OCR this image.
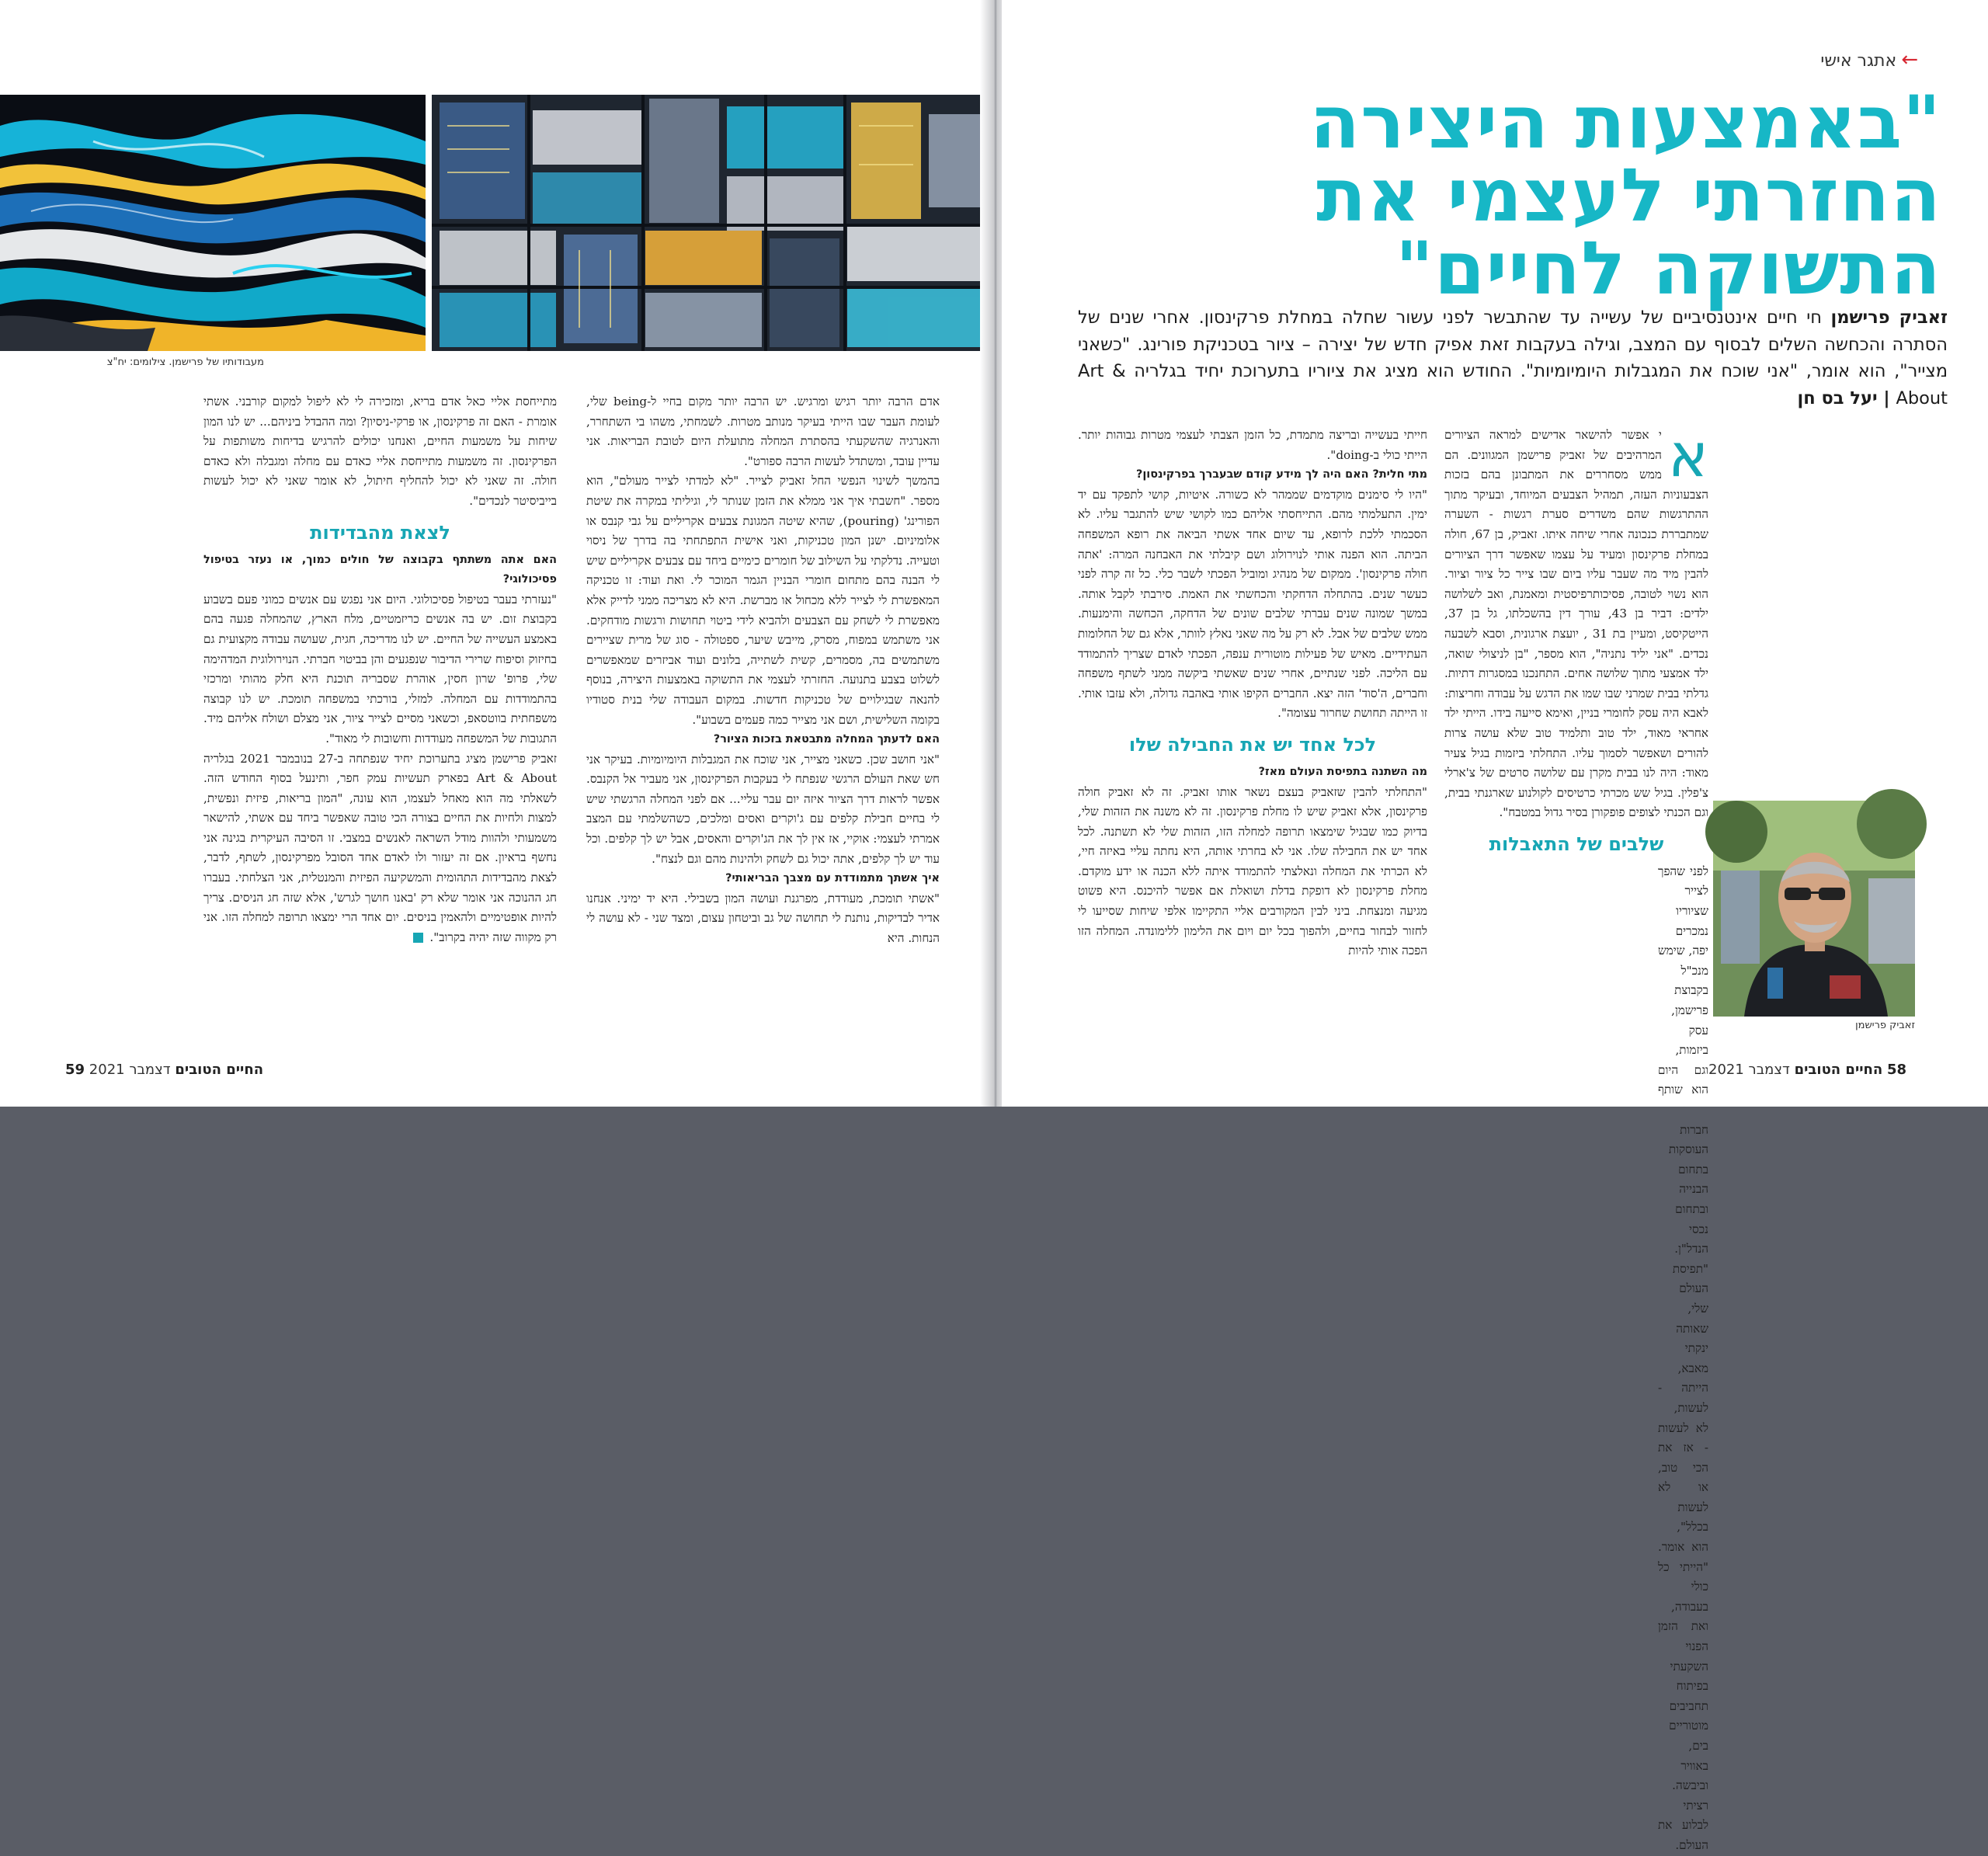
מעבודותיו של פרישמן. צילומים: יח"צ

אדם הרבה יותר רגיש ומרגיש. יש הרבה יותר מקום בחיי ל-being שלי, לעומת העבר שבו הייתי בעיקר מנותב מטרות. לשמחתי, משהו בי השתחרר, והאנרגיה שהשקעתי בהסתרת המחלה מתועלת היום לטובת הבריאות. אני עדיין עובד, ומשתדל לעשות הרבה ספורט".

בהמשך לשינוי הנפשי החל זאביק לצייר. "לא למדתי לצייר מעולם", הוא מספר. "חשבתי איך אני ממלא את הזמן שנותר לי, וגיליתי במקרה את שיטת הפורינג' (pouring), שהיא שיטה המגונת צבעים אקריליים על גבי קנבס או אלומיניום. ישנן המון טכניקות, ואני אישית התפתחתי בה בדרך של ניסוי וטעייה. נדלקתי על השילוב של חומרים כימיים ביחד עם צבעים אקריליים שיש לי הבנה בהם מתחום חומרי הבניין הגמר המוכר לי. ואת ועוד: זו טכניקה המאפשרת לי לצייר ללא מכחול או מברשת. היא לא מצריכה ממני לדייק אלא מאפשרת לי לשחק עם הצבעים ולהביא לידי ביטוי תחושות ורגשות מודחקים. אני משתמש במפוח, מסרק, מייבש שיער, ספטולה - סוג של מרית שציירים משתמשים בה, מסמרים, קשית לשתייה, בלונים ועוד אביזרים שמאפשרים לשלוט בצבע בתנועה. החזרתי לעצמי את התשוקה באמצעות היצירה, בנוסף להנאה שבגילויים של טכניקות חדשות. במקום העבודה שלי בנית סטודיו בקומה השלישית, ושם אני מצייר כמה פעמים בשבוע".

האם לדעתך המחלה מתבטאת בזכות הציור?

"אני חושב שכן. כשאני מצייר, אני שוכח את המגבלות היומיומיות. בעיקר אני חש שאת העולם הרגשי שנפתח לי בעקבות הפרקינסון, אני מעביר אל הקנבס. אפשר לראות דרך הציור איזה יום עבר עליי... אם לפני המחלה הרגשתי שיש לי בחיים חבילת קלפים עם ג'וקרים ואסים ומלכים, כשהשלמתי עם המצב אמרתי לעצמי: אוקיי, אז אין לך את הג'וקרים והאסים, אבל יש לך קלפים. וכל עוד יש לך קלפים, אתה יכול גם לשחק ולהינות מהם וגם לנצח".

איך אשתך מתמודדת עם מצבך הבריאותי?

"אשתי תומכת, מעודדת, מפרגנת ועושה המון בשבילי. היא יד ימיני. אנחנו אדיר לבדיקות, נותנת לי תחושה של גב וביטחון עצום, ומצד שני - לא עושה לי הנחות. היא

מתייחסת אליי כאל אדם בריא, ומזכירה לי לא ליפול למקום קורבני. אשתי אומרת - האם זה פרקינסון, או פרקי-ניסיון? ומה ההבדל ביניהם... יש לנו המון שיחות על משמעות החיים, ואנחנו יכולים להרגיש בדיחות משותפות על הפרקינסון. זה משמעות מתייחסת אליי כאדם עם מחלה ומגבלה ולא כאדם חולה. זה שאני לא יכול להחליף חיתול, לא אומר שאני לא יכול לעשות בייביסיטר לנכדים".

לצאת מהבדידות

האם אתה משתתף בקבוצה של חולים כמוך, או נעזר בטיפול פסיכולוגי?

"נעזרתי בעבר בטיפול פסיכולוגי. היום אני נפגש עם אנשים כמוני פעם בשבוע בקבוצת זום. יש בה אנשים כריזמטיים, מלח הארץ, שהמחלה פגעה בהם באמצע העשייה של החיים. יש לנו מדריכה, חגית, שעושה עבודה מקצועית גם בחיזוק וסיפוח שרירי הדיבור שנפגעים והן בביטוי חברתי. הנוירולוגית המדהימה שלי, פרופ' שרון חסין, אוהרת שסבריה תוכנת היא חלק מהותי ומרכזי בהתמודדות עם המחלה. למזלי, בורכתי במשפחה תומכת. יש לנו קבוצה משפחתית בווטסאפ, וכשאני מסיים לצייר ציור, אני מצלם ושולח אליהם מיד. התגובות של המשפחה מעודדות וחשובות לי מאוד".

זאביק פרישמן מציג בתערוכת יחיד שנפתחה ב-27 בנובמבר 2021 בגלריה Art & About בפארק תעשיות עמק חפר, ותינעל בסוף החודש הזה. לשאלתי מה הוא מאחל לעצמו, הוא עונה, "המון בריאות, פיזית ונפשית, למצות ולחיות את החיים בצורה הכי טובה שאפשר ביחד עם אשתי, להישאר משמעותי ולהוות מודל השראה לאנשים במצבי. זו הסיבה העיקרית בגינה אני נחשף בראיון. אם זה יעזור ולו לאדם אחד הסובל מפרקינסון, לשתף, לדבר, לצאת מהבדידות התהומית והמשקיעה הפיזית והמנטלית, אני הצלחתי. בעברו חג ההנוכה אני אומר שלא רק 'באנו חושך לגרש', אלא שזה חג הניסים. צריך להיות אופטימיים ולהאמין בניסים. יום אחד הרי ימצאו תרופה למחלה הזו. אני רק מקווה שזה יהיה בקרוב".

החיים הטובים דצמבר 2021 59
←אתגר אישי
"באמצעות היצירה
החזרתי לעצמי את
התשוקה לחיים"
זאביק פרישמן חי חיים אינטנסיביים של עשייה עד שהתבשר לפני עשור שחלה במחלת פרקינסון. אחרי שנים של הסתרה והכחשה השלים לבסוף עם המצב, וגילה בעקבות זאת אפיק חדש של יצירה – ציור בטכניקת פורינג. "כשאני מצייר", הוא אומר, "אני שוכח את המגבלות היומיומיות". החודש הוא מציג את ציוריו בתערוכת יחיד בגלריה Art & About | יעל בס חן

א
י אפשר להישאר אדישים למראה הציורים המרהיבים של זאביק פרישמן המגוונים. הם ממש מסחררים את המתבונן בהם בזכות הצבעוניות העזה, תמהיל הצבעים המיוחד, ובעיקר מתוך ההתרגשות שהם משדרים סערת רגשות - השערה שמתבררת כנכונה אחרי שיחה איתו. זאביק, בן 67, חולה במחלת פרקינסון ומעיד על עצמו שאפשר דרך הציורים להבין מיד מה שעבר עליו ביום שבו צייר כל ציור וציור. הוא נשוי לטובה, פסיכותרפיסטית ומאמנת, ואב לשלושה ילדים: דביר בן 43, עורך דין בהשכלתו, גל בן 37, הייטקיסט, ומעיין בת 31 , יועצת ארגונית, וסבא לשבעה נכדים. "אני יליד נתניה", הוא מספר, "בן לניצולי שואה, ילד אמצעי מתוך שלושה אחים. התחנכנו במסגרות דתיות. גדלתי בבית שמרני שבו שמו את הדגש על עבודה וחריצות: לאבא היה עסק לחומרי בניין, ואימא סייעה בידו. הייתי ילד אחראי מאוד, ילד טוב ותלמיד טוב שלא עושה צרות להורים ושאפשר לסמוך עליו. התחלתי ביזמות בגיל צעיר מאוד: היה לנו בבית מקרן עם שלושה סרטים של צ'ארלי צ'פלין. בגיל שש מכרתי כרטיסים לקולנוע שארגנתי בבית, וגם הכנתי לצופים פופקורן בסיר גדול במטבח".

שלבים של התאבלות

לפני שהפך לצייר שציוריו נמכרים יפה, שימש מנכ"ל בקבוצת פרישמן, עסק ביזמות, וגם היום הוא שותף חברות העוסקות בתחום הבנייה ובתחום נכסי הנדל"ן. "תפיסת העולם שלי, שאותה ינקתי מאבא, הייתה - לעשות, לא לעשות - אז את הכי טוב, או לא לעשות בכלל", הוא אומר. "הייתי כל כולי בעבודה, ואת הזמן הפנוי השקעתי בפיתוח תחביבים מוטוריים בים, באוויר וביבשה. רציתי לבלוע את העולם.

זאביק פרישמן

חייתי בעשייה ובריצה מתמדת, כל הזמן הצבתי לעצמי מטרות גבוהות יותר. הייתי כולי ב-doing".

מתי חלית? האם היה לך מידע קודם שבעברך בפרקינסון?

"היו לי סימנים מוקדמים שממהר לא כשורה. איטיות, קושי לתפקד עם יד ימין. התעלמתי מהם. התייחסתי אליהם כמו לקושי שיש להתגבר עליו. לא הסכמתי ללכת לרופא, עד שיום אחד אשתי הביאה את רופא המשפחה הביתה. הוא הפנה אותי לנוירולוג ושם קיבלתי את האבחנה המרה: 'אתה חולה פרקינסון'. ממקום של מנהיג ומוביל הפכתי לשבר כלי. כל זה קרה לפני כעשר שנים. בהתחלה הדחקתי והכחשתי את האמת. סירבתי לקבל אותה. במשך שמונה שנים עברתי שלבים שונים של הדחקה, הכחשה והימנעות. ממש שלבים של אבל. לא רק על מה שאני נאלץ לוותר, אלא גם של החלומות העתידיים. מאיש של פעילות מוטורית ענפה, הפכתי לאדם שצריך להתמודד עם הליכה. לפני שנתיים, אחרי שנים שאשתי ביקשה ממני לשתף משפחה וחברים, ה'סוד' הזה יצא. החברים הקיפו אותי באהבה גדולה, ולא עזבו אותי. זו הייתה תחושת שחרור עצומה".

לכל אחד יש את החבילה שלו

מה השתנה בתפיסת העולם מאז?

"התחלתי להבין שזאביק בעצם נשאר אותו זאביק. זה לא זאביק חולה פרקינסון, אלא זאביק שיש לו מחלת פרקינסון. זה לא משנה את הזהות שלי, בדיוק כמו שבגיל שימצאו תרופה למחלה הזו, הזהות שלי לא תשתנה. לכל אחד יש את החבילה שלו. אני לא בחרתי אותה, היא נחתה עליי באיזה חיי, לא הכרתי את המחלה ונאלצתי להתמודד איתה ללא הכנה או ידע מוקדם. מחלת פרקינסון לא דופקת בדלת ושואלת אם אפשר להיכנס. היא פשוט מגיעה ומנצחת. ביני לבין המקורבים אליי התקיימו אלפי שיחות שסייעו לי לחזור לבחור בחיים, ולהפוך בכל יום ויום את הלימון ללימונדה. המחלה הזו הפכה אותי להיות

58 החיים הטובים דצמבר 2021
